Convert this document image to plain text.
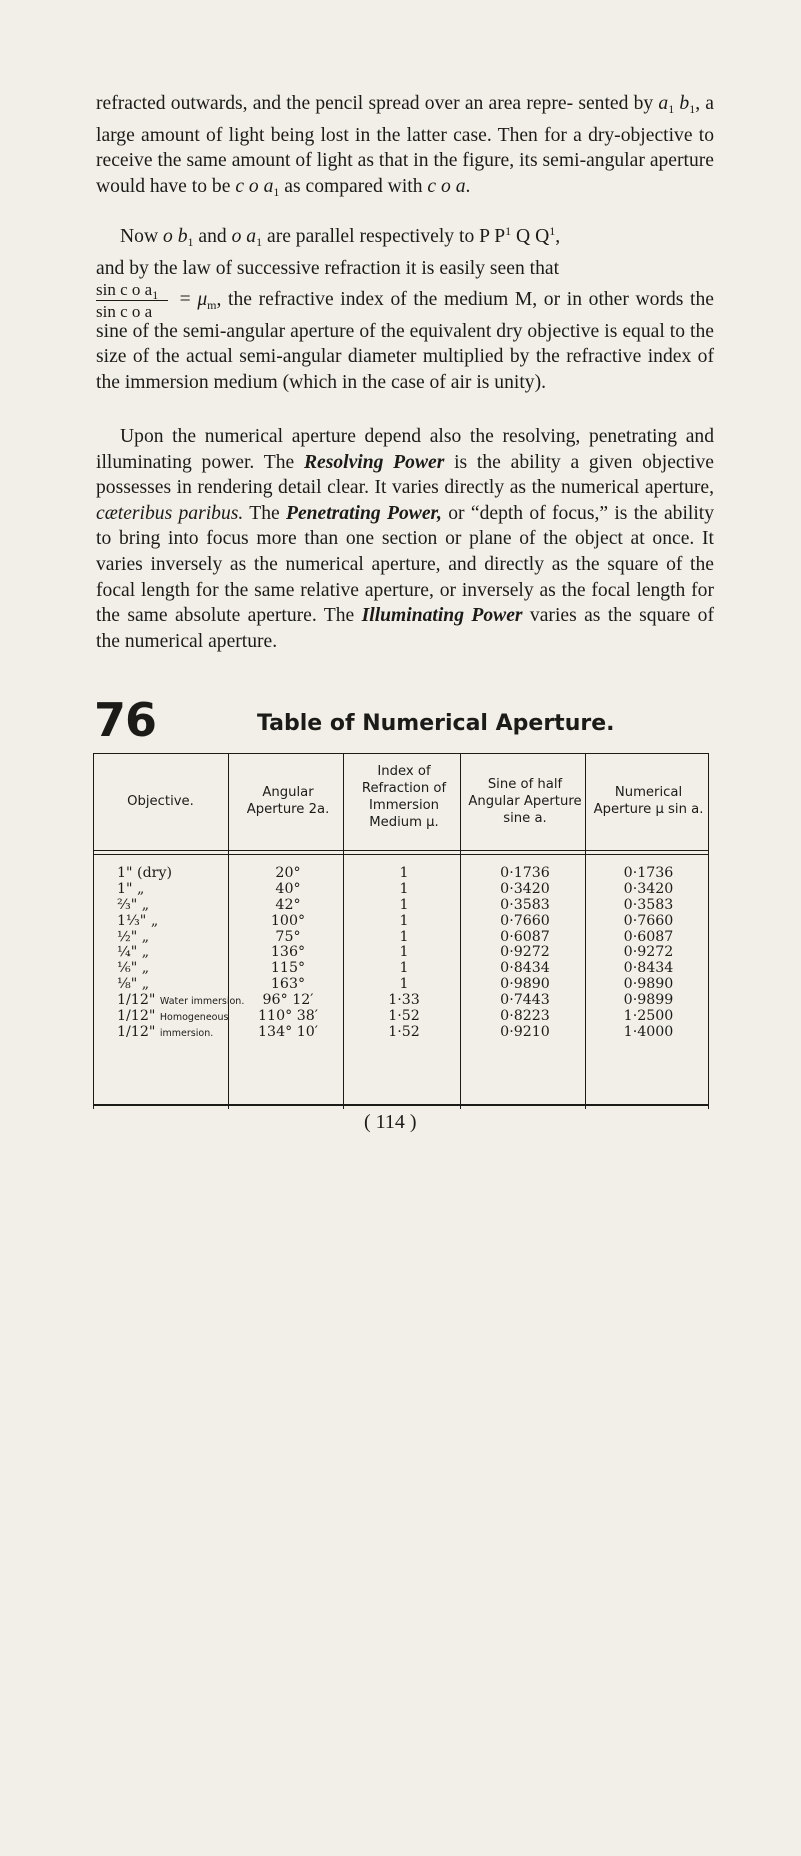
refracted outwards, and the pencil spread over an area repre- sented by $a_1$ $b_1$, a large amount of light being lost in the latter case. Then for a dry-objective to receive the same amount of light as that in the figure, its semi-angular aperture would have to be c o $a_1$ as compared with c o a.

Now o $b_1$ and o $a_1$ are parallel respectively to P $P^1$ Q $Q^1$,

and by the law of successive refraction it is easily seen that

sin c o $a_1$
sin c o a
= $\mu_m$, the refractive index of the medium M, or in other words the sine of the semi-angular aperture of the equivalent dry objective is equal to the size of the actual semi-angular diameter multiplied by the refractive index of the immersion medium (which in the case of air is unity).

Upon the numerical aperture depend also the resolving, penetrating and illuminating power. The Resolving Power is the ability a given objective possesses in rendering detail clear. It varies directly as the numerical aperture, cæteribus paribus. The Penetrating Power, or “depth of focus,” is the ability to bring into focus more than one section or plane of the object at once. It varies inversely as the numerical aperture, and directly as the square of the focal length for the same relative aperture, or inversely as the focal length for the same absolute aperture. The Illuminating Power varies as the square of the numerical aperture.

76	Table of Numerical Aperture.
Objective.
Angular Aperture 2a.
Index of Refraction of Immersion Medium μ.
Sine of half Angular Aperture sine a.
Numerical Aperture μ sin a.
1" (dry)
1" „
⅔" „
1⅓" „
½" „
¼" „
⅙" „
⅛" „
1/12" Water immersion.
1/12" Homogeneous
1/12" immersion.
20°
40°
42°
100°
75°
136°
115°
163°
96° 12′
110° 38′
134° 10′
1
1
1
1
1
1
1
1
1·33
1·52
1·52
0·1736
0·3420
0·3583
0·7660
0·6087
0·9272
0·8434
0·9890
0·7443
0·8223
0·9210
0·1736
0·3420
0·3583
0·7660
0·6087
0·9272
0·8434
0·9890
0·9899
1·2500
1·4000
( 114 )
